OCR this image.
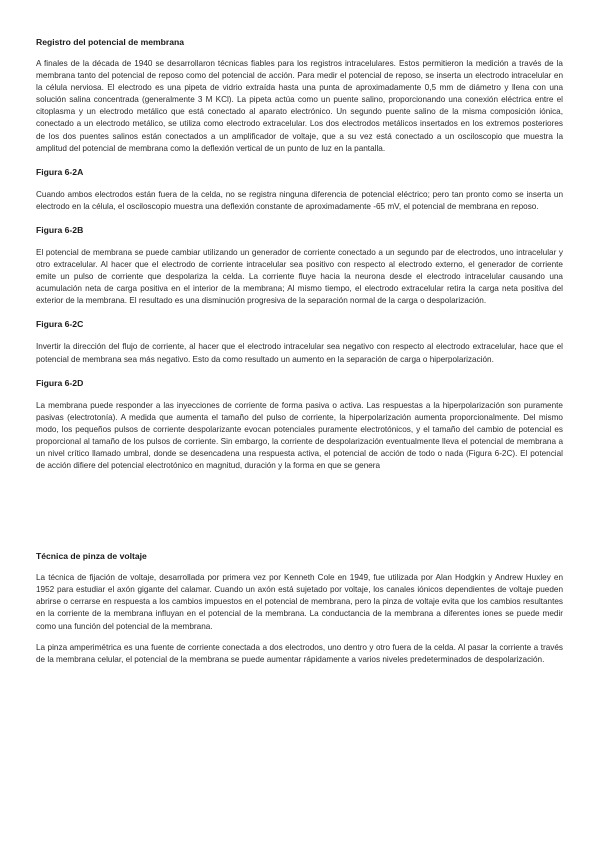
Registro del potencial de membrana

A finales de la década de 1940 se desarrollaron técnicas fiables para los registros intracelulares. Estos permitieron la medición a través de la membrana tanto del potencial de reposo como del potencial de acción. Para medir el potencial de reposo, se inserta un electrodo intracelular en la célula nerviosa. El electrodo es una pipeta de vidrio extraída hasta una punta de aproximadamente 0,5 mm de diámetro y llena con una solución salina concentrada (generalmente 3 M KCl). La pipeta actúa como un puente salino, proporcionando una conexión eléctrica entre el citoplasma y un electrodo metálico que está conectado al aparato electrónico. Un segundo puente salino de la misma composición iónica, conectado a un electrodo metálico, se utiliza como electrodo extracelular. Los dos electrodos metálicos insertados en los extremos posteriores de los dos puentes salinos están conectados a un amplificador de voltaje, que a su vez está conectado a un osciloscopio que muestra la amplitud del potencial de membrana como la deflexión vertical de un punto de luz en la pantalla.

Figura 6-2A

Cuando ambos electrodos están fuera de la celda, no se registra ninguna diferencia de potencial eléctrico; pero tan pronto como se inserta un electrodo en la célula, el osciloscopio muestra una deflexión constante de aproximadamente -65 mV, el potencial de membrana en reposo.

Figura 6-2B

El potencial de membrana se puede cambiar utilizando un generador de corriente conectado a un segundo par de electrodos, uno intracelular y otro extracelular. Al hacer que el electrodo de corriente intracelular sea positivo con respecto al electrodo externo, el generador de corriente emite un pulso de corriente que despolariza la celda. La corriente fluye hacia la neurona desde el electrodo intracelular causando una acumulación neta de carga positiva en el interior de la membrana; Al mismo tiempo, el electrodo extracelular retira la carga neta positiva del exterior de la membrana. El resultado es una disminución progresiva de la separación normal de la carga o despolarización.

Figura 6-2C

Invertir la dirección del flujo de corriente, al hacer que el electrodo intracelular sea negativo con respecto al electrodo extracelular, hace que el potencial de membrana sea más negativo. Esto da como resultado un aumento en la separación de carga o hiperpolarización.

Figura 6-2D

La membrana puede responder a las inyecciones de corriente de forma pasiva o activa. Las respuestas a la hiperpolarización son puramente pasivas (electrotonía). A medida que aumenta el tamaño del pulso de corriente, la hiperpolarización aumenta proporcionalmente. Del mismo modo, los pequeños pulsos de corriente despolarizante evocan potenciales puramente electrotónicos, y el tamaño del cambio de potencial es proporcional al tamaño de los pulsos de corriente. Sin embargo, la corriente de despolarización eventualmente lleva el potencial de membrana a un nivel crítico llamado umbral, donde se desencadena una respuesta activa, el potencial de acción de todo o nada (Figura 6-2C). El potencial de acción difiere del potencial electrotónico en magnitud, duración y la forma en que se genera

Técnica de pinza de voltaje

La técnica de fijación de voltaje, desarrollada por primera vez por Kenneth Cole en 1949, fue utilizada por Alan Hodgkin y Andrew Huxley en 1952 para estudiar el axón gigante del calamar. Cuando un axón está sujetado por voltaje, los canales iónicos dependientes de voltaje pueden abrirse o cerrarse en respuesta a los cambios impuestos en el potencial de membrana, pero la pinza de voltaje evita que los cambios resultantes en la corriente de la membrana influyan en el potencial de la membrana. La conductancia de la membrana a diferentes iones se puede medir como una función del potencial de la membrana.

La pinza amperimétrica es una fuente de corriente conectada a dos electrodos, uno dentro y otro fuera de la celda. Al pasar la corriente a través de la membrana celular, el potencial de la membrana se puede aumentar rápidamente a varios niveles predeterminados de despolarización.
